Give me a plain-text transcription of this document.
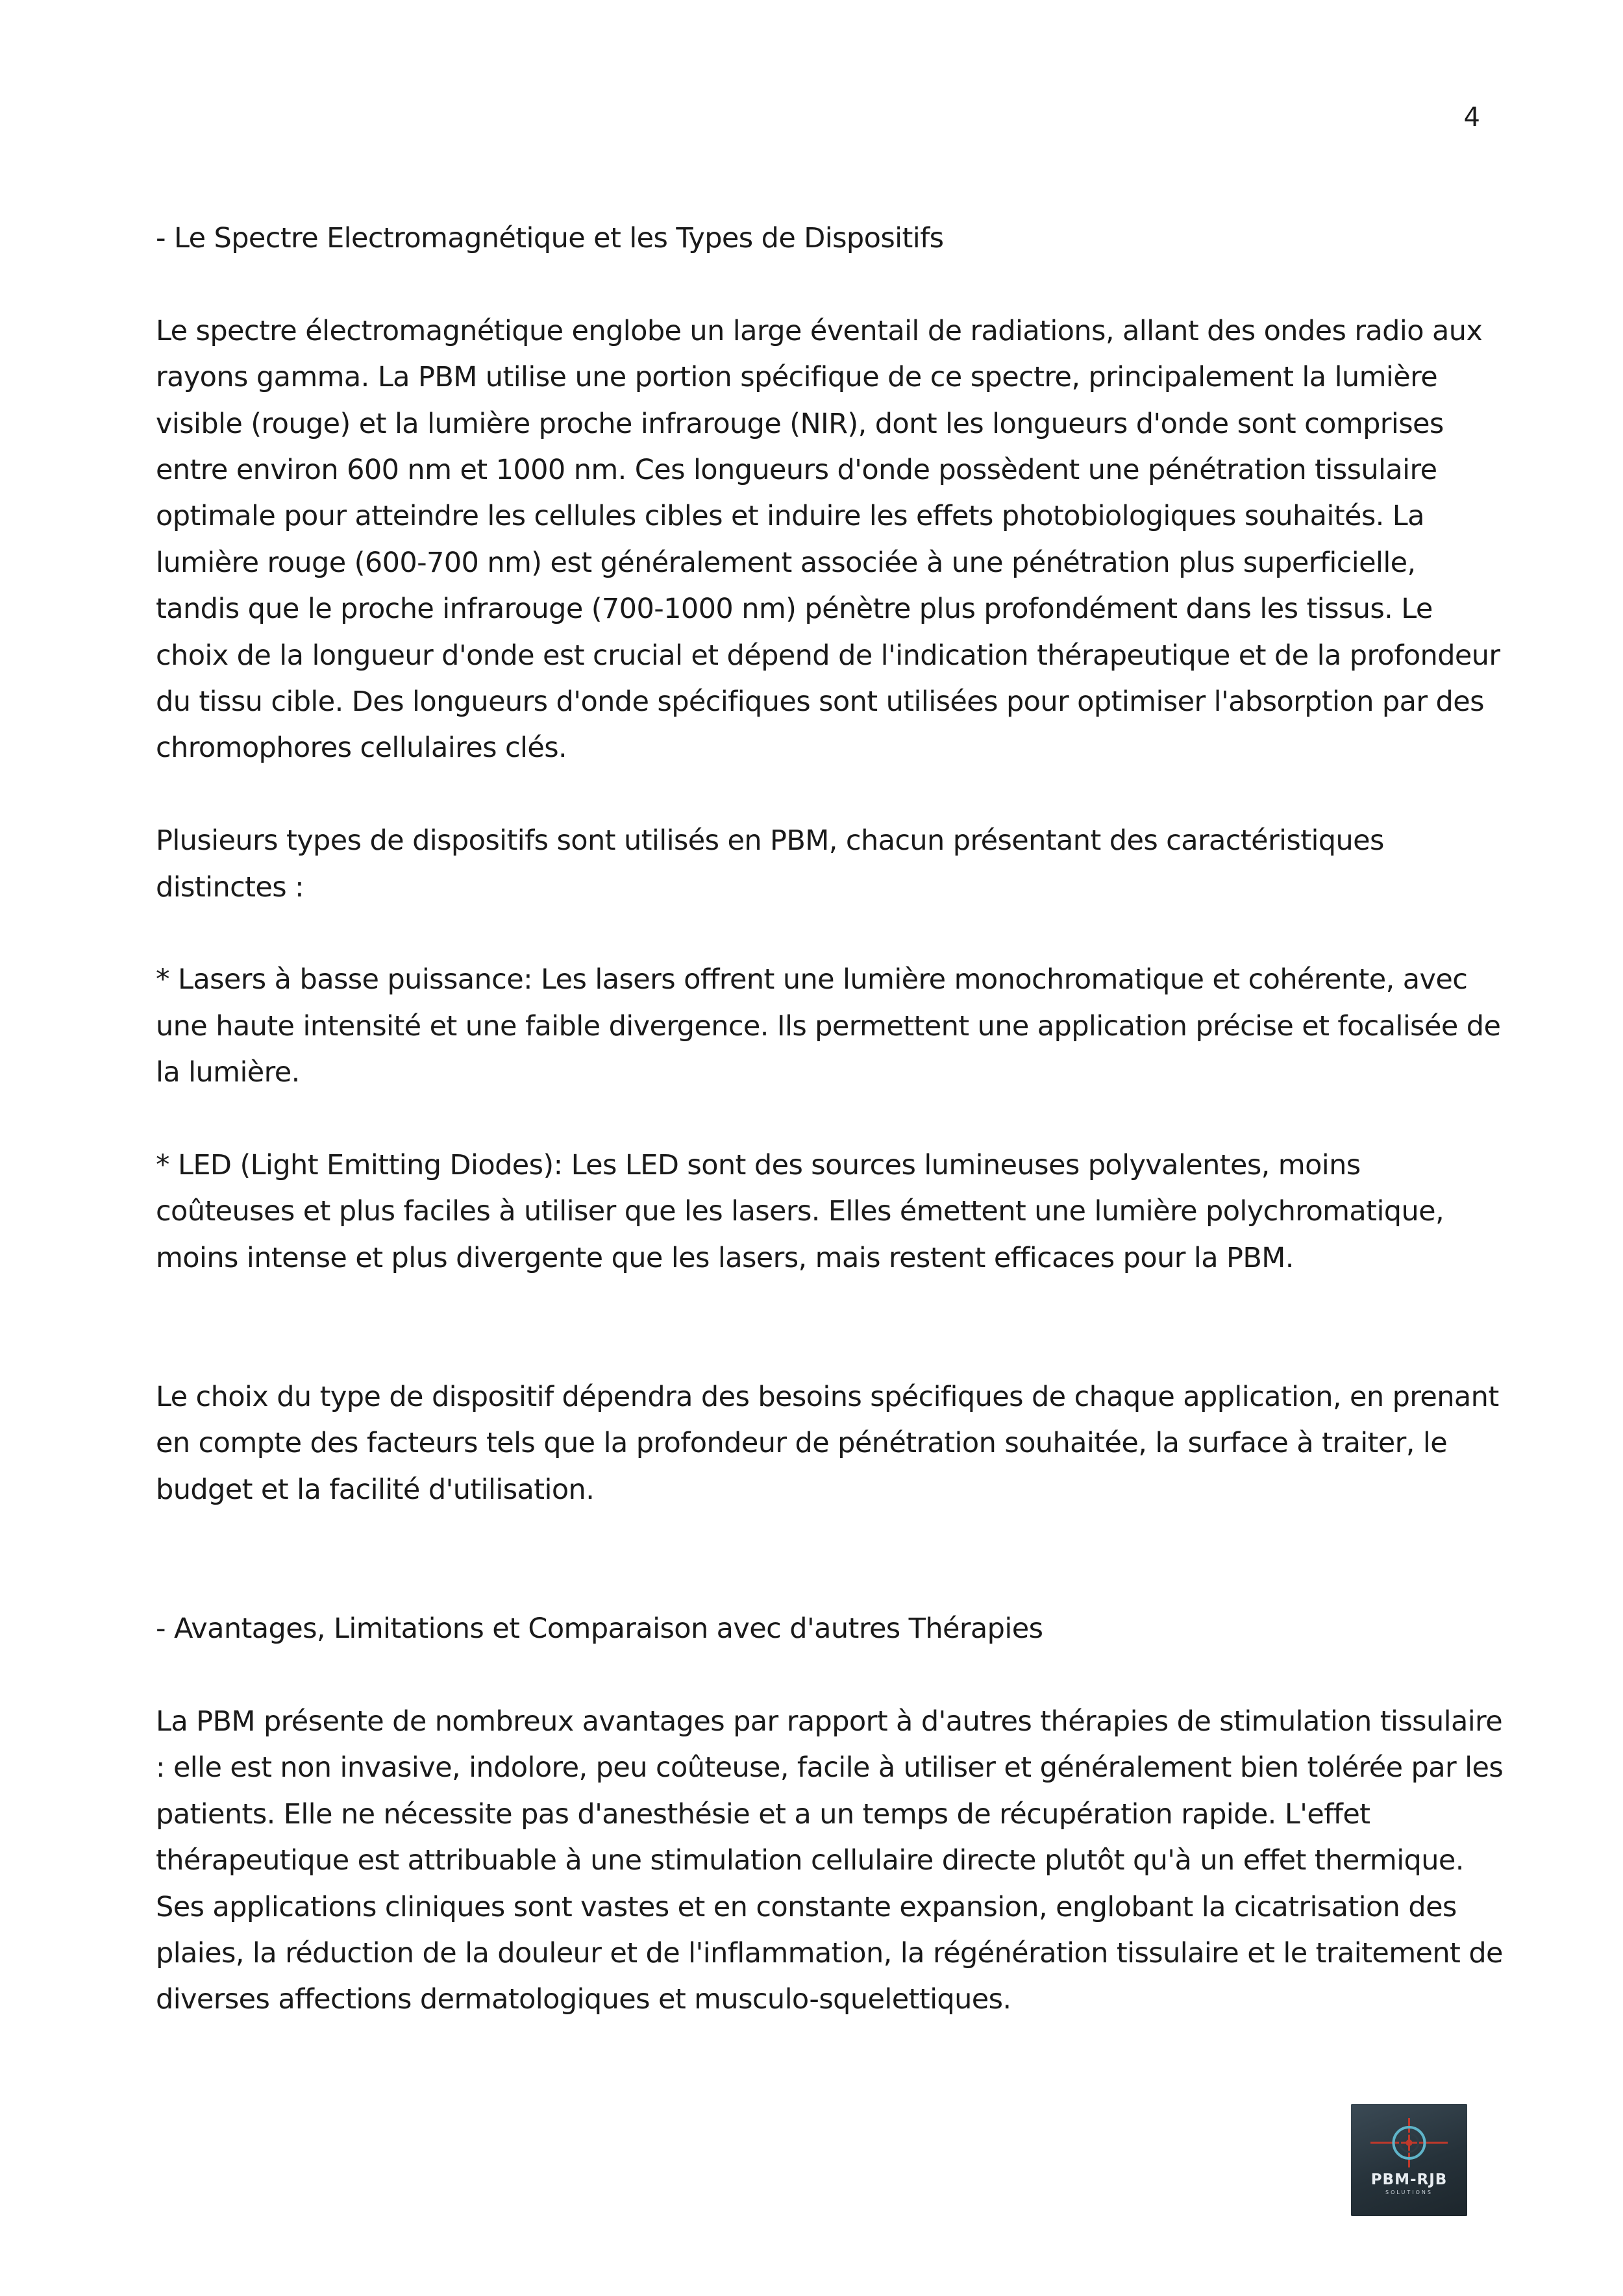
4

- Le Spectre Electromagnétique et les Types de Dispositifs

Le spectre électromagnétique englobe un large éventail de radiations, allant des ondes radio aux rayons gamma. La PBM utilise une portion spécifique de ce spectre, principalement la lumière visible (rouge) et la lumière proche infrarouge (NIR), dont les longueurs d'onde sont comprises entre environ 600 nm et 1000 nm. Ces longueurs d'onde possèdent une pénétration tissulaire optimale pour atteindre les cellules cibles et induire les effets photobiologiques souhaités. La lumière rouge (600-700 nm) est généralement associée à une pénétration plus superficielle, tandis que le proche infrarouge (700-1000 nm) pénètre plus profondément dans les tissus. Le choix de la longueur d'onde est crucial et dépend de l'indication thérapeutique et de la profondeur du tissu cible. Des longueurs d'onde spécifiques sont utilisées pour optimiser l'absorption par des chromophores cellulaires clés.

Plusieurs types de dispositifs sont utilisés en PBM, chacun présentant des caractéristiques distinctes :

* Lasers à basse puissance: Les lasers offrent une lumière monochromatique et cohérente, avec une haute intensité et une faible divergence. Ils permettent une application précise et focalisée de la lumière.

* LED (Light Emitting Diodes): Les LED sont des sources lumineuses polyvalentes, moins coûteuses et plus faciles à utiliser que les lasers. Elles émettent une lumière polychromatique, moins intense et plus divergente que les lasers, mais restent efficaces pour la PBM.

Le choix du type de dispositif dépendra des besoins spécifiques de chaque application, en prenant en compte des facteurs tels que la profondeur de pénétration souhaitée, la surface à traiter, le budget et la facilité d'utilisation.

- Avantages, Limitations et Comparaison avec d'autres Thérapies

La PBM présente de nombreux avantages par rapport à d'autres thérapies de stimulation tissulaire : elle est non invasive, indolore, peu coûteuse, facile à utiliser et généralement bien tolérée par les patients. Elle ne nécessite pas d'anesthésie et a un temps de récupération rapide. L'effet thérapeutique est attribuable à une stimulation cellulaire directe plutôt qu'à un effet thermique. Ses applications cliniques sont vastes et en constante expansion, englobant la cicatrisation des plaies, la réduction de la douleur et de l'inflammation, la régénération tissulaire et le traitement de diverses affections dermatologiques et musculo-squelettiques.

PBM-RJB
SOLUTIONS
